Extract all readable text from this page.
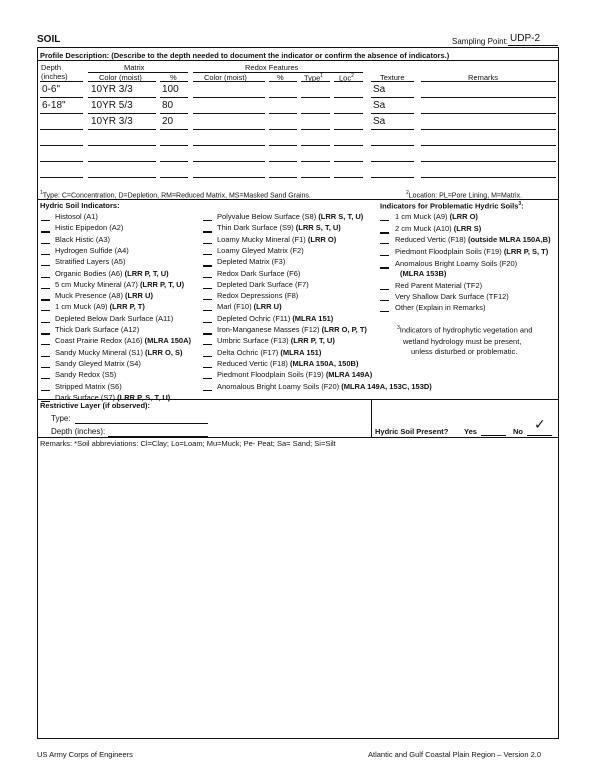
SOIL	Sampling Point: UDP-2
Profile Description: (Describe to the depth needed to document the indicator or confirm the absence of indicators.)
Depth
(inches)
Matrix	Redox Features
Color (moist)	%	Color (moist)	%	Type$^1$ Loc$^2$	Texture	Remarks
0-6"	10YR 3/3	100	Sa
6-18"	10YR 5/3	80	Sa
10YR 3/3	20	Sa
$^1$Type: C=Concentration, D=Depletion, RM=Reduced Matrix, MS=Masked Sand Grains.	$^2$Location: PL=Pore Lining, M=Matrix.
Hydric Soil Indicators:	Indicators for Problematic Hydric Soils$^3$:
Histosol (A1)
Histic Epipedon (A2)
Black Histic (A3)
Hydrogen Sulfide (A4)
Stratified Layers (A5)
Organic Bodies (A6) (LRR P, T, U)
5 cm Mucky Mineral (A7) (LRR P, T, U)
Muck Presence (A8) (LRR U)
1 cm Muck (A9) (LRR P, T)
Depleted Below Dark Surface (A11)
Thick Dark Surface (A12)
Coast Prairie Redox (A16) (MLRA 150A)
Sandy Mucky Mineral (S1) (LRR O, S)
Sandy Gleyed Matrix (S4)
Sandy Redox (S5)
Stripped Matrix (S6)
Dark Surface (S7) (LRR P, S, T, U)
Polyvalue Below Surface (S8) (LRR S, T, U)
Thin Dark Surface (S9) (LRR S, T, U)
Loamy Mucky Mineral (F1) (LRR O)
Loamy Gleyed Matrix (F2)
Depleted Matrix (F3)
Redox Dark Surface (F6)
Depleted Dark Surface (F7)
Redox Depressions (F8)
Marl (F10) (LRR U)
Depleted Ochric (F11) (MLRA 151)
Iron-Manganese Masses (F12) (LRR O, P, T)
Umbric Surface (F13) (LRR P, T, U)
Delta Ochric (F17) (MLRA 151)
Reduced Vertic (F18) (MLRA 150A, 150B)
Piedmont Floodplain Soils (F19) (MLRA 149A)
Anomalous Bright Loamy Soils (F20) (MLRA 149A, 153C, 153D)
1 cm Muck (A9) (LRR O)
2 cm Muck (A10) (LRR S)
Reduced Vertic (F18) (outside MLRA 150A,B)
Piedmont Floodplain Soils (F19) (LRR P, S, T)
Anomalous Bright Loamy Soils (F20)
Red Parent Material (TF2)
Very Shallow Dark Surface (TF12)
Other (Explain in Remarks)
(MLRA 153B)
$^3$Indicators of hydrophytic vegetation and
wetland hydrology must be present,
unless disturbed or problematic.
Restrictive Layer (if observed):
Type:
Depth (inches):	Hydric Soil Present? Yes	No ✓
Remarks: *Soil abbreviations: Cl=Clay; Lo=Loam; Mu=Muck; Pe- Peat; Sa= Sand; Si=Silt
US Army Corps of Engineers	Atlantic and Gulf Coastal Plain Region – Version 2.0
